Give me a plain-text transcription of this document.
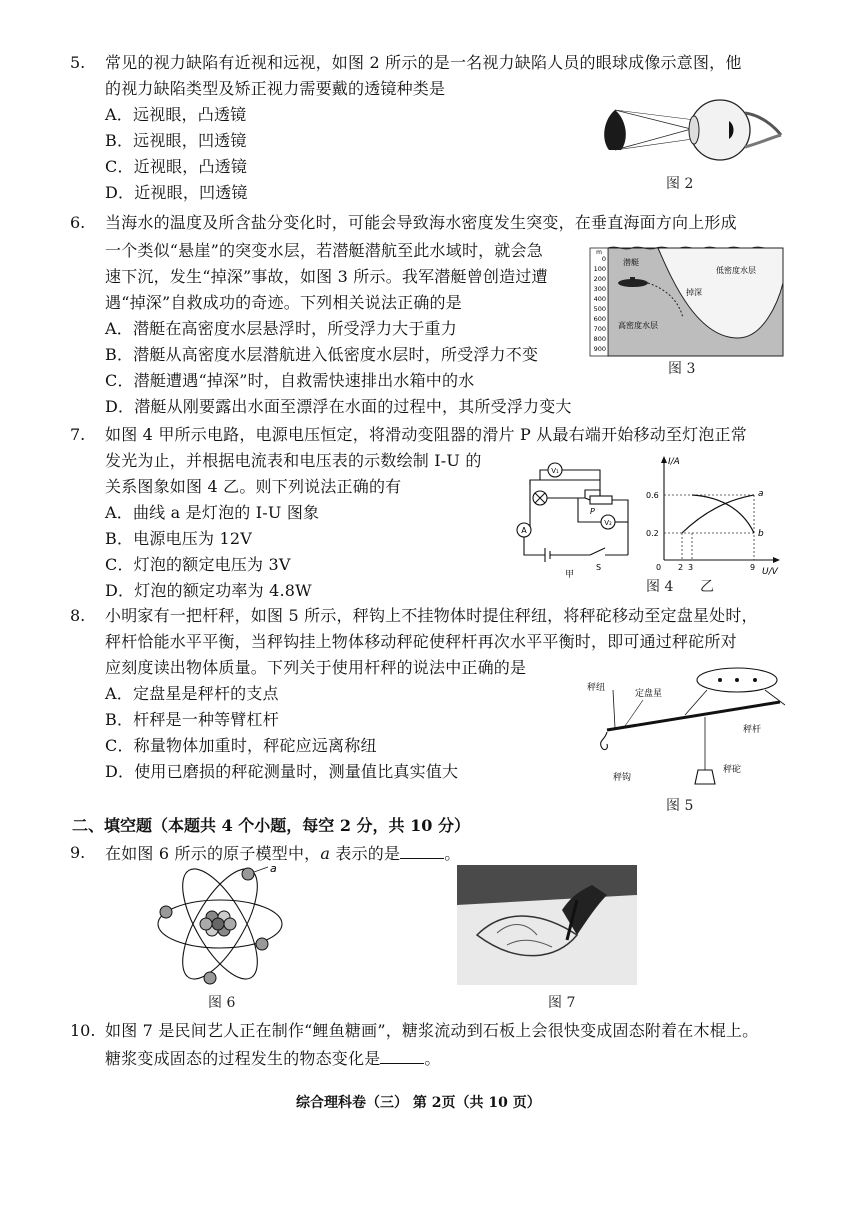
5. 常见的视力缺陷有近视和远视，如图 2 所示的是一名视力缺陷人员的眼球成像示意图，他
的视力缺陷类型及矫正视力需要戴的透镜种类是
A．远视眼，凸透镜
B．远视眼，凹透镜
C．近视眼，凸透镜
D．近视眼，凹透镜	图 2
6. 当海水的温度及所含盐分变化时，可能会导致海水密度发生突变，在垂直海面方向上形成
一个类似“悬崖”的突变水层，若潜艇潜航至此水域时，就会急
速下沉，发生“掉深”事故，如图 3 所示。我军潜艇曾创造过遭
遇“掉深”自救成功的奇迹。下列相关说法正确的是
A．潜艇在高密度水层悬浮时，所受浮力大于重力
B．潜艇从高密度水层潜航进入低密度水层时，所受浮力不变
C．潜艇遭遇“掉深”时，自救需快速排出水箱中的水
D．潜艇从刚要露出水面至漂浮在水面的过程中，其所受浮力变大
m
0
100
200
300
400
500
600
700
800
900
潜艇
掉深
低密度水层
高密度水层
图 3
7. 如图 4 甲所示电路，电源电压恒定，将滑动变阻器的滑片 P 从最右端开始移动至灯泡正常
发光为止，并根据电流表和电压表的示数绘制 I-U 的
关系图象如图 4 乙。则下列说法正确的有
A．曲线 a 是灯泡的 I-U 图象
B．电源电压为 12V
C．灯泡的额定电压为 3V
D．灯泡的额定功率为 4.8W
V₁
V₂
A
P
S
甲
I/A
U/V
0
0.6
0.2
2 3	9
a
b
图 4 乙
8. 小明家有一把杆秤，如图 5 所示，秤钩上不挂物体时提住秤纽，将秤砣移动至定盘星处时，
秤杆恰能水平平衡，当秤钩挂上物体移动秤砣使秤杆再次水平平衡时，即可通过秤砣所对
应刻度读出物体质量。下列关于使用杆秤的说法中正确的是
A．定盘星是秤杆的支点
B．杆秤是一种等臂杠杆
C．称量物体加重时，秤砣应远离称纽
D．使用已磨损的秤砣测量时，测量值比真实值大
秤纽
定盘星
秤杆
秤钩
秤砣
图 5
二、填空题（本题共 4 个小题，每空 2 分，共 10 分）
9. 在如图 6 所示的原子模型中，a 表示的是	。
a
图 6	图 7
10. 如图 7 是民间艺人正在制作“鲤鱼糖画”，糖浆流动到石板上会很快变成固态附着在木棍上。
糖浆变成固态的过程发生的物态变化是	。
综合理科卷（三） 第 2页（共 10 页）
